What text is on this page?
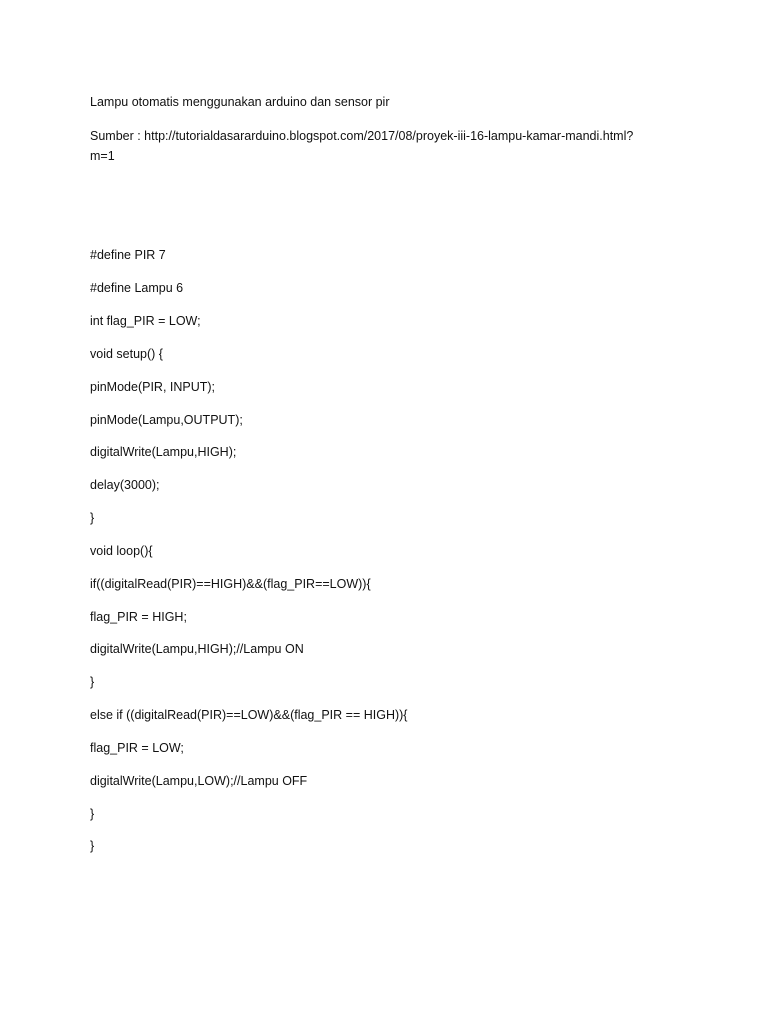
Lampu otomatis menggunakan arduino dan sensor pir
Sumber : http://tutorialdasararduino.blogspot.com/2017/08/proyek-iii-16-lampu-kamar-mandi.html?
m=1
#define PIR 7
#define Lampu 6
int flag_PIR = LOW;
void setup() {
pinMode(PIR, INPUT);
pinMode(Lampu,OUTPUT);
digitalWrite(Lampu,HIGH);
delay(3000);
}
void loop(){
if((digitalRead(PIR)==HIGH)&&(flag_PIR==LOW)){
flag_PIR = HIGH;
digitalWrite(Lampu,HIGH);//Lampu ON
}
else if ((digitalRead(PIR)==LOW)&&(flag_PIR == HIGH)){
flag_PIR = LOW;
digitalWrite(Lampu,LOW);//Lampu OFF
}
}
